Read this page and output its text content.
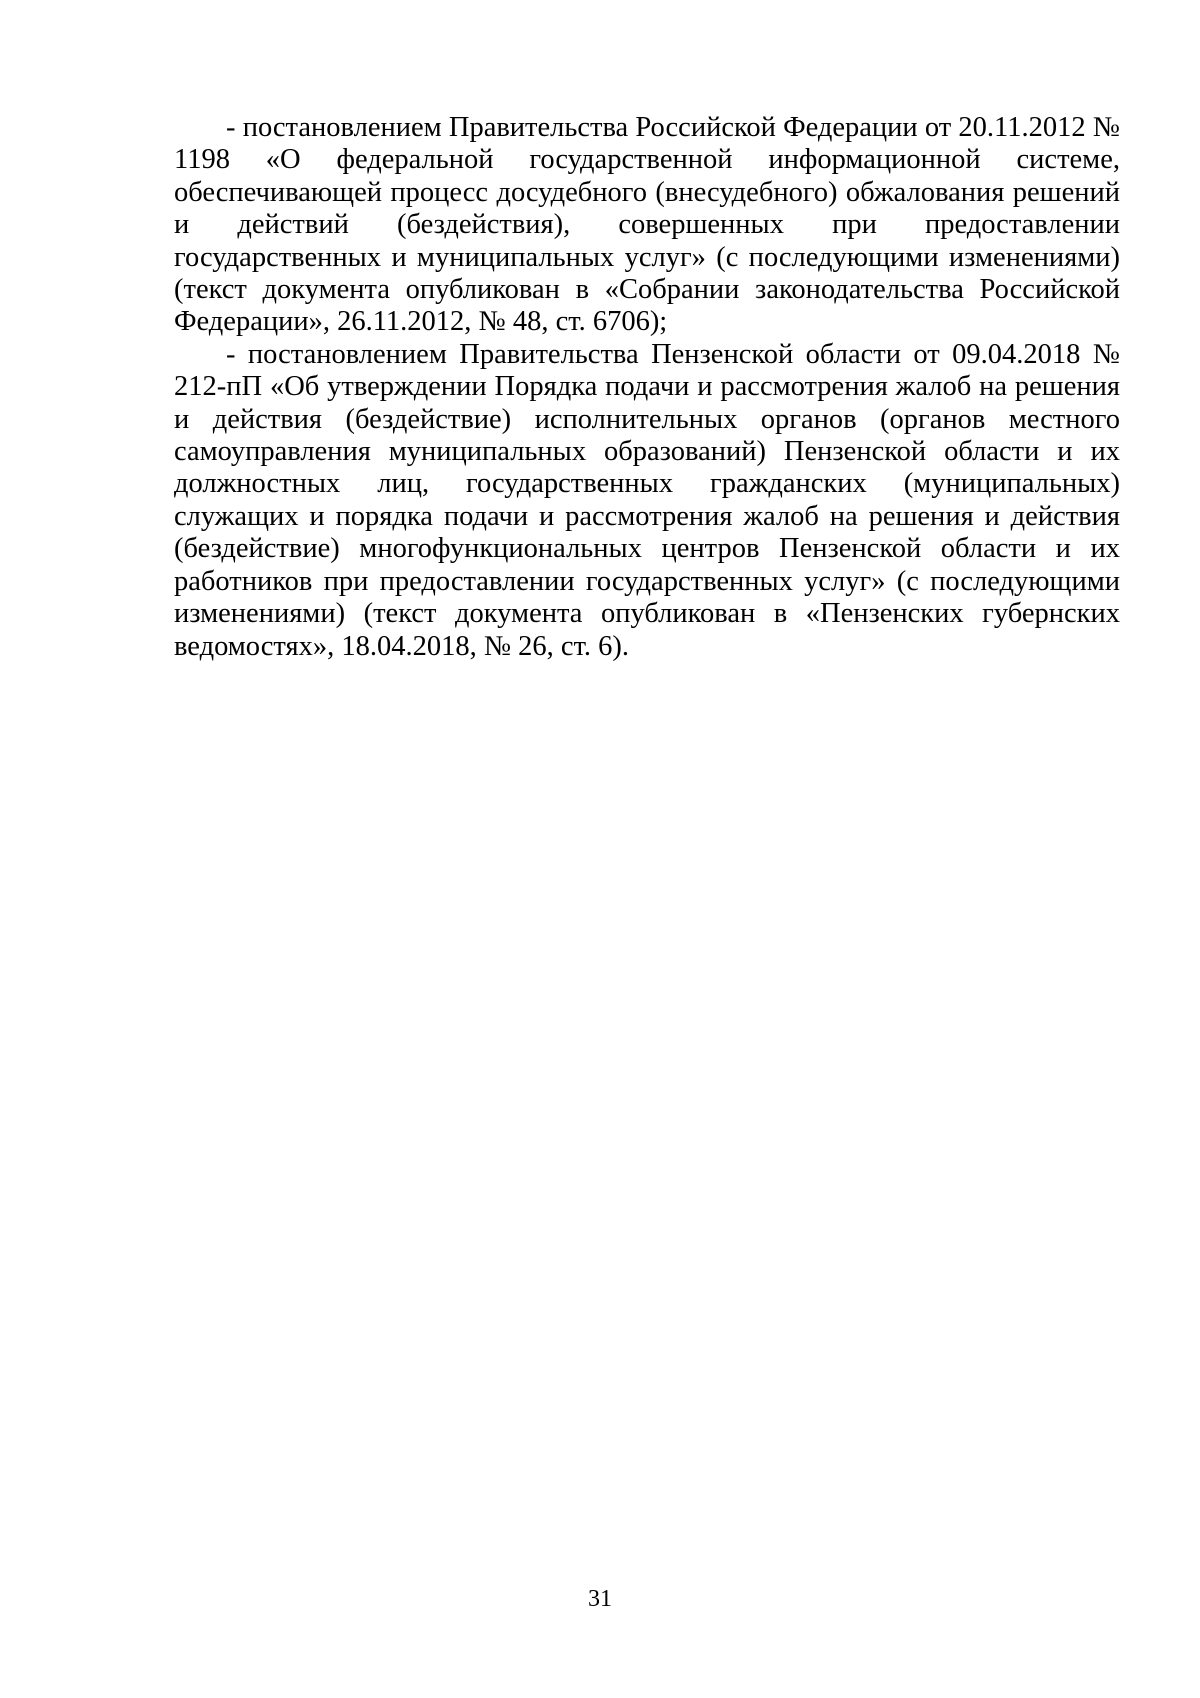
- постановлением Правительства Российской Федерации от 20.11.2012 № 1198 «О федеральной государственной информационной системе, обеспечивающей процесс досудебного (внесудебного) обжалования решений и действий (бездействия), совершенных при предоставлении государственных и муниципальных услуг» (с последующими изменениями) (текст документа опубликован в «Собрании законодательства Российской Федерации», 26.11.2012, № 48, ст. 6706);

- постановлением Правительства Пензенской области от 09.04.2018 № 212-пП «Об утверждении Порядка подачи и рассмотрения жалоб на решения и действия (бездействие) исполнительных органов (органов местного самоуправления муниципальных образований) Пензенской области и их должностных лиц, государственных гражданских (муниципальных) служащих и порядка подачи и рассмотрения жалоб на решения и действия (бездействие) многофункциональных центров Пензенской области и их работников при предоставлении государственных услуг» (с последующими изменениями) (текст документа опубликован в «Пензенских губернских ведомостях», 18.04.2018, № 26, ст. 6).

31
